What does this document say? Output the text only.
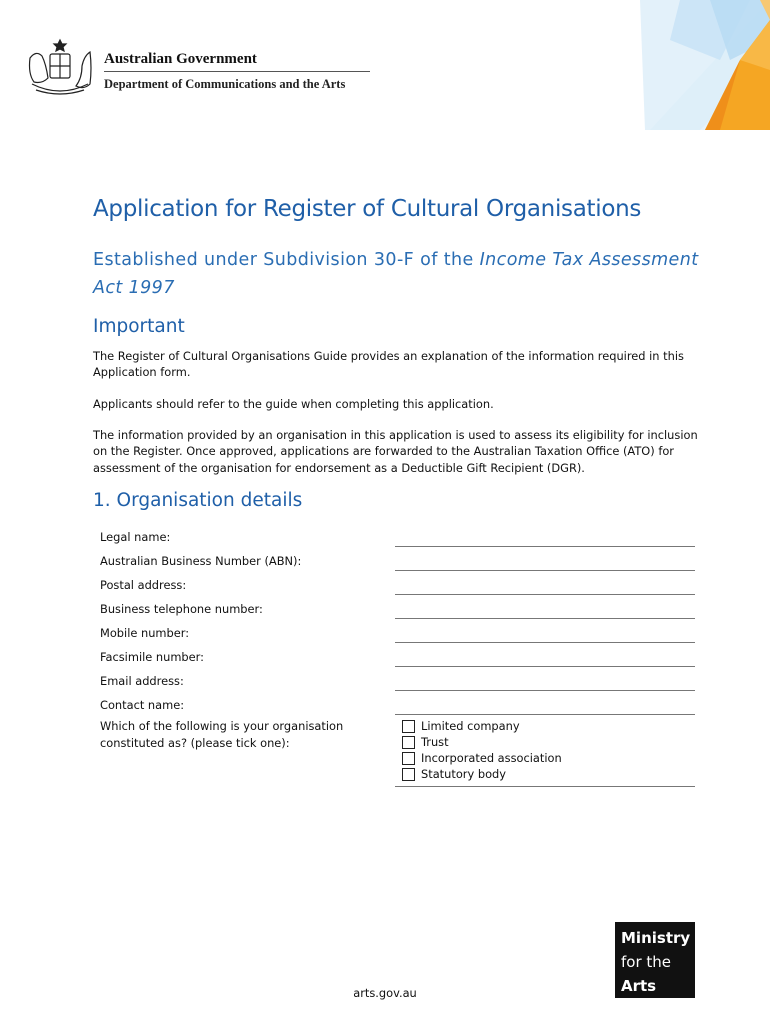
Australian Government
Department of Communications and the Arts
Application for Register of Cultural Organisations
Established under Subdivision 30-F of the Income Tax Assessment Act 1997
Important
The Register of Cultural Organisations Guide provides an explanation of the information required in this Application form.
Applicants should refer to the guide when completing this application.
The information provided by an organisation in this application is used to assess its eligibility for inclusion on the Register. Once approved, applications are forwarded to the Australian Taxation Office (ATO) for assessment of the organisation for endorsement as a Deductible Gift Recipient (DGR).
1. Organisation details
Legal name:
Australian Business Number (ABN):
Postal address:
Business telephone number:
Mobile number:
Facsimile number:
Email address:
Contact name:
Which of the following is your organisation constituted as? (please tick one):
Limited company
Trust
Incorporated association
Statutory body
Ministry
for the
Arts
arts.gov.au
